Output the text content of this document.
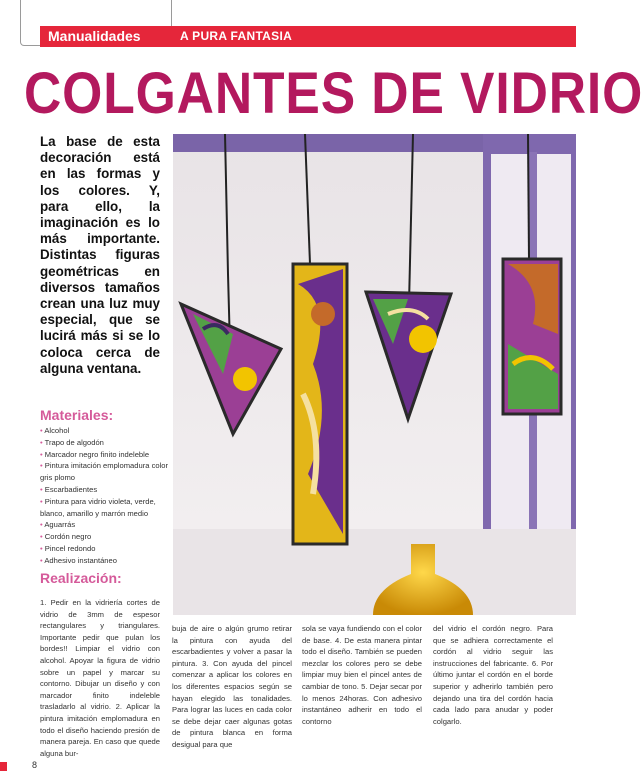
Manualidades	A PURA FANTASIA
COLGANTES DE VIDRIO
La base de esta decoración está en las formas y los colores. Y, para ello, la imaginación es lo más importante. Distintas figuras geométricas en diversos tamaños crean una luz muy especial, que se lucirá más si se lo coloca cerca de alguna ventana.
Materiales:
• Alcohol
• Trapo de algodón
• Marcador negro finito indeleble
• Pintura imitación emplomadura color gris plomo
• Escarbadientes
• Pintura para vidrio violeta, verde, blanco, amarillo y marrón medio
• Aguarrás
• Cordón negro
• Pincel redondo
• Adhesivo instantáneo
Realización:
1. Pedir en la vidriería cortes de vidrio de 3mm de espesor rectangulares y triangulares. Importante pedir que pulan los bordes!! Limpiar el vidrio con alcohol. Apoyar la figura de vidrio sobre un papel y marcar su contorno. Dibujar un diseño y con marcador finito indeleble trasladarlo al vidrio. 2. Aplicar la pintura imitación emplomadura en todo el diseño haciendo presión de manera pareja. En caso que quede alguna bur-
buja de aire o algún grumo retirar la pintura con ayuda del escarbadientes y volver a pasar la pintura. 3. Con ayuda del pincel comenzar a aplicar los colores en los diferentes espacios según se hayan elegido las tonalidades. Para lograr las luces en cada color se debe dejar caer algunas gotas de pintura blanca en forma desigual para que
sola se vaya fundiendo con el color de base. 4. De esta manera pintar todo el diseño. También se pueden mezclar los colores pero se debe limpiar muy bien el pincel antes de cambiar de tono. 5. Dejar secar por lo menos 24horas. Con adhesivo instantáneo adherir en todo el contorno
del vidrio el cordón negro. Para que se adhiera correctamente el cordón al vidrio seguir las instrucciones del fabricante. 6. Por último juntar el cordón en el borde superior y adherirlo también pero dejando una tira del cordón hacia cada lado para anudar y poder colgarlo.
8
